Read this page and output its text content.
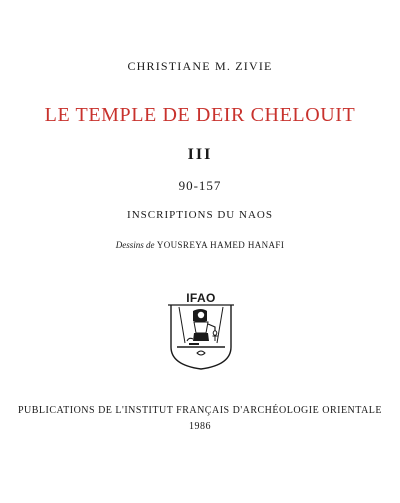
CHRISTIANE M. ZIVIE
LE TEMPLE DE DEIR CHELOUIT
III
90-157
INSCRIPTIONS DU NAOS
Dessins de YOUSREYA HAMED HANAFI
IFAO
PUBLICATIONS DE L'INSTITUT FRANÇAIS D'ARCHÉOLOGIE ORIENTALE
1986
